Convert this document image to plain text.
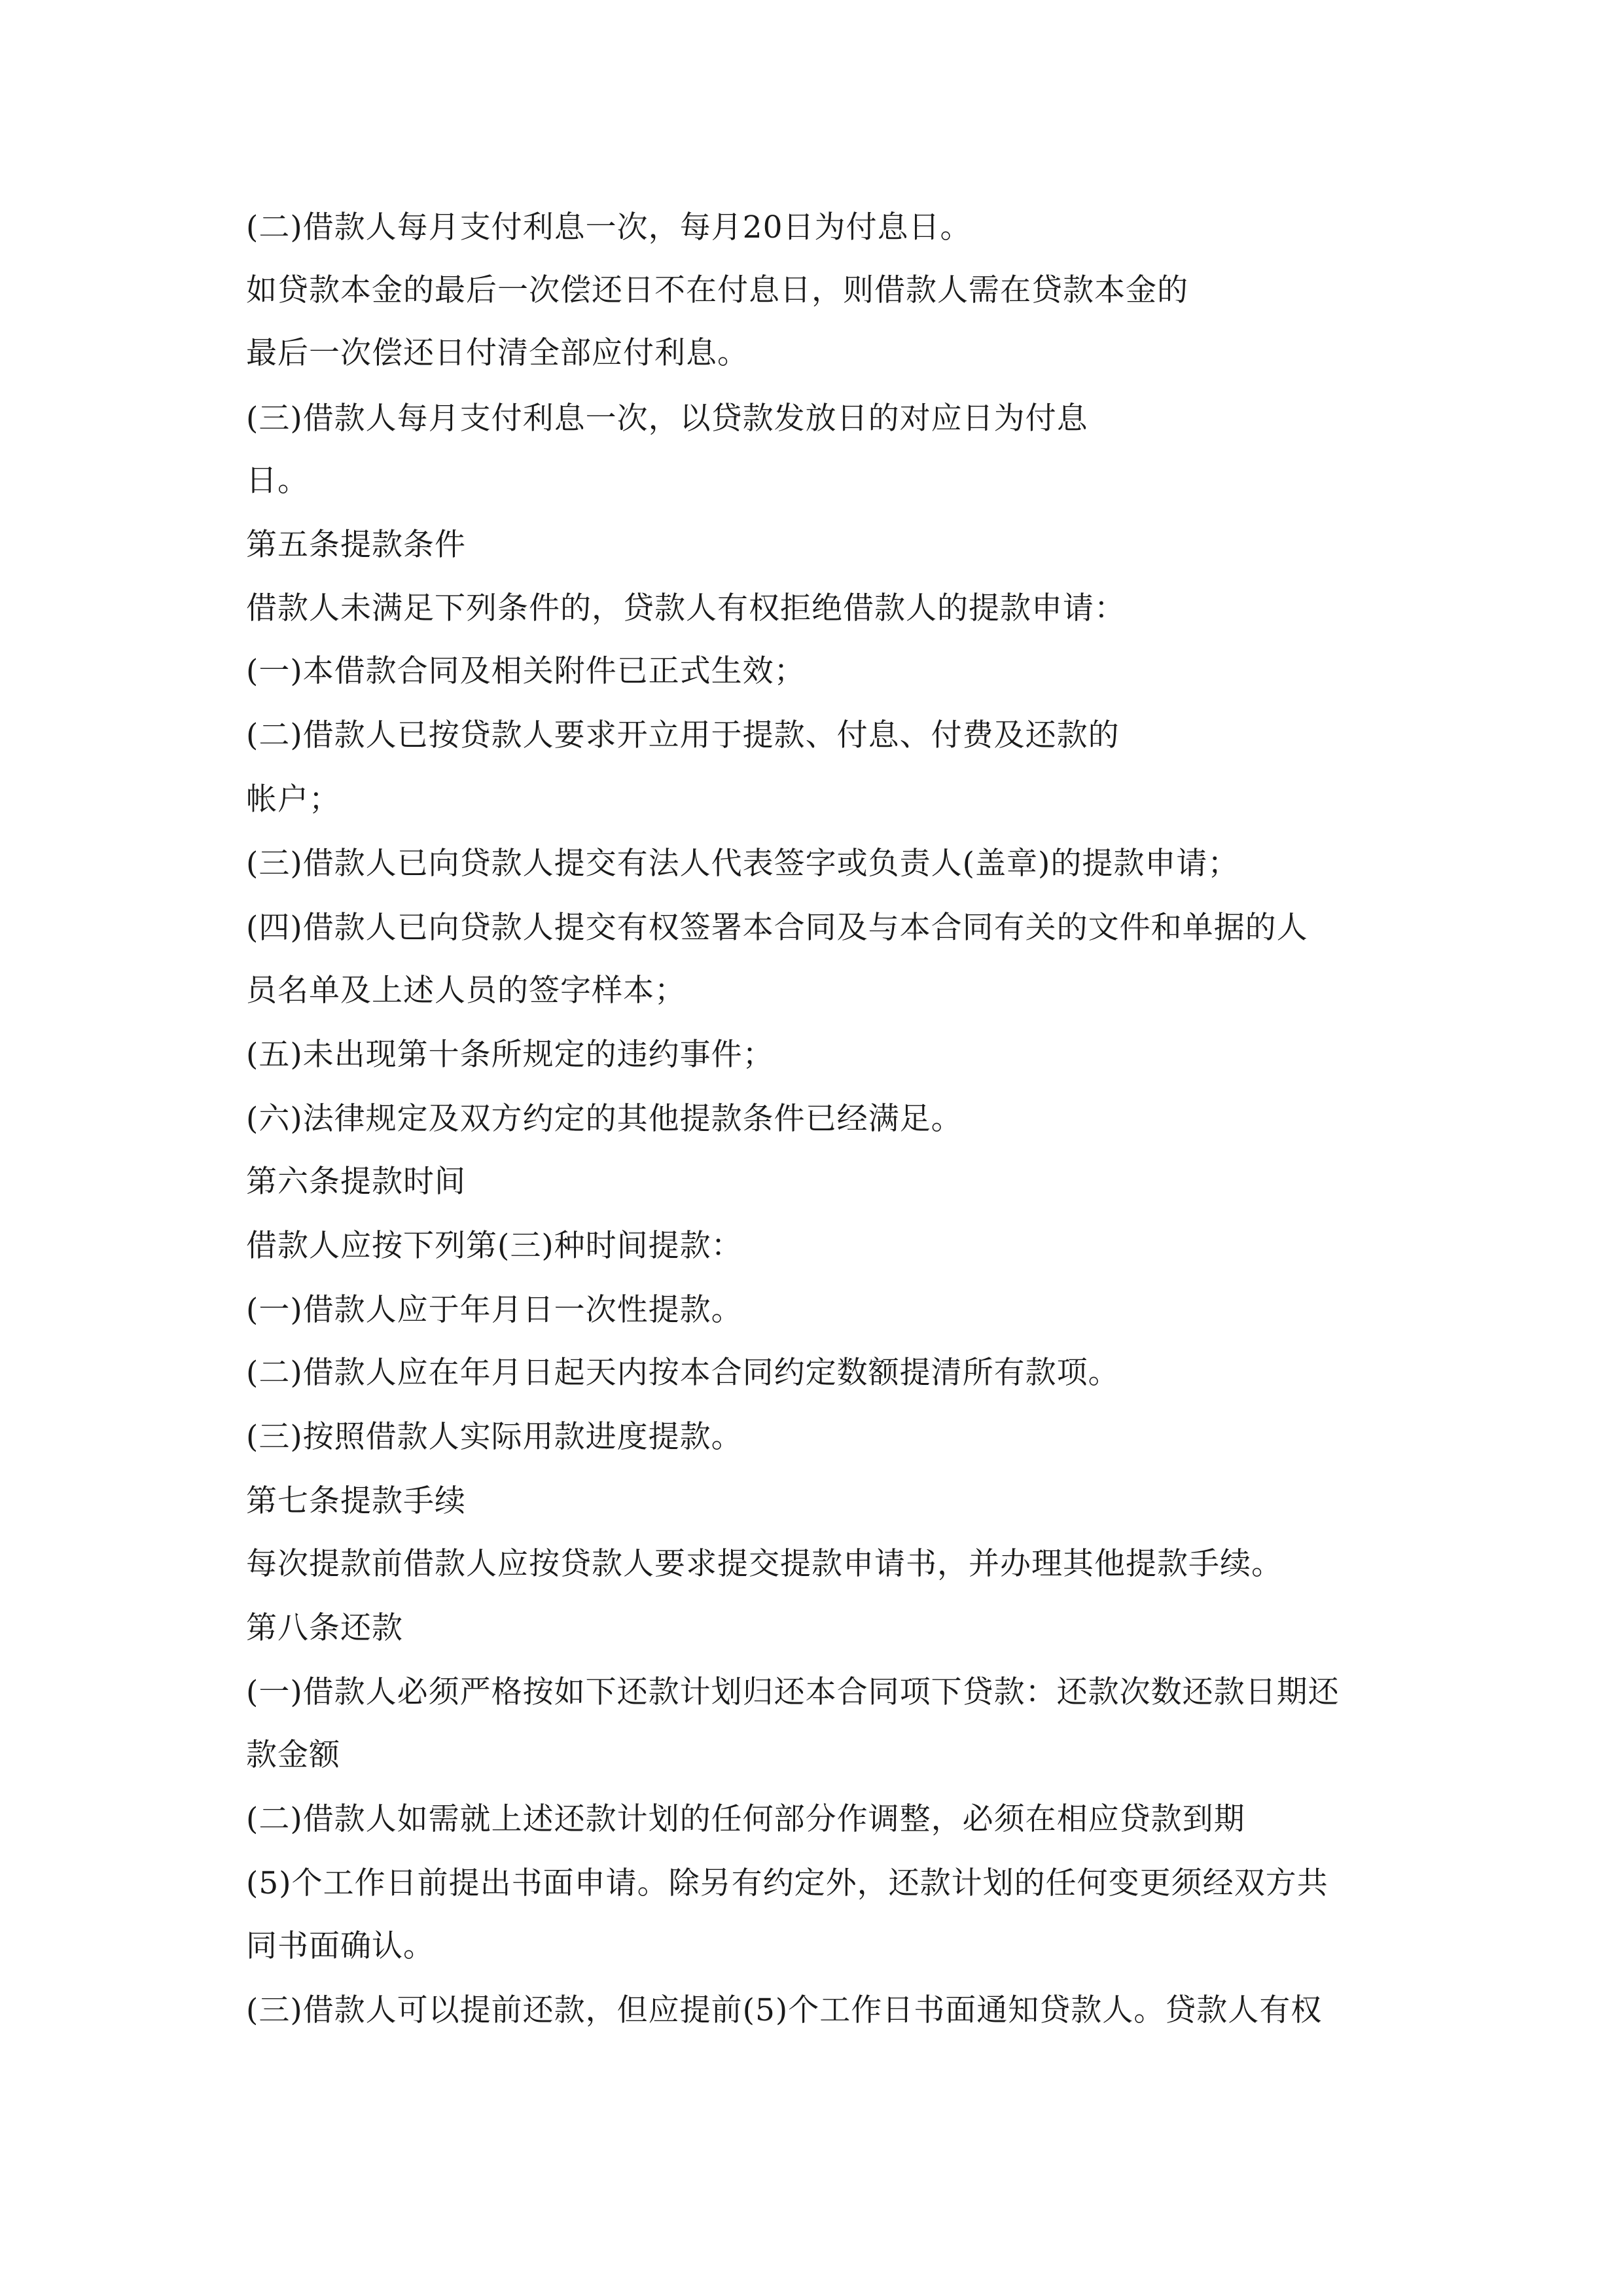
(二)借款人每月支付利息一次，每月20日为付息日。
如贷款本金的最后一次偿还日不在付息日，则借款人需在贷款本金的
最后一次偿还日付清全部应付利息。
(三)借款人每月支付利息一次，以贷款发放日的对应日为付息
日。
第五条提款条件
借款人未满足下列条件的，贷款人有权拒绝借款人的提款申请：
(一)本借款合同及相关附件已正式生效；
(二)借款人已按贷款人要求开立用于提款、付息、付费及还款的
帐户；
(三)借款人已向贷款人提交有法人代表签字或负责人(盖章)的提款申请；
(四)借款人已向贷款人提交有权签署本合同及与本合同有关的文件和单据的人
员名单及上述人员的签字样本；
(五)未出现第十条所规定的违约事件；
(六)法律规定及双方约定的其他提款条件已经满足。
第六条提款时间
借款人应按下列第(三)种时间提款：
(一)借款人应于年月日一次性提款。
(二)借款人应在年月日起天内按本合同约定数额提清所有款项。
(三)按照借款人实际用款进度提款。
第七条提款手续
每次提款前借款人应按贷款人要求提交提款申请书，并办理其他提款手续。
第八条还款
(一)借款人必须严格按如下还款计划归还本合同项下贷款：还款次数还款日期还
款金额
(二)借款人如需就上述还款计划的任何部分作调整，必须在相应贷款到期
(5)个工作日前提出书面申请。除另有约定外，还款计划的任何变更须经双方共
同书面确认。
(三)借款人可以提前还款，但应提前(5)个工作日书面通知贷款人。贷款人有权
